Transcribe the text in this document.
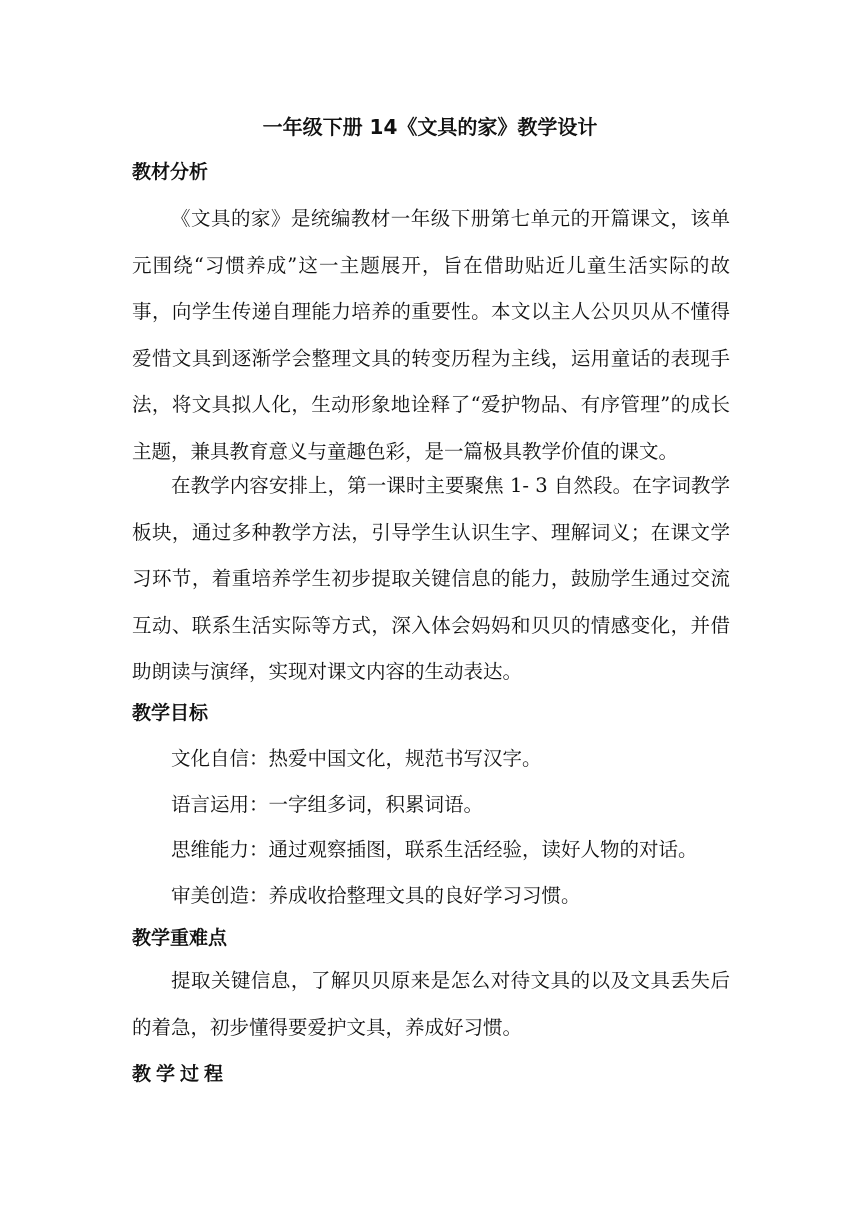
一年级下册 14《文具的家》教学设计
教材分析

《文具的家》是统编教材一年级下册第七单元的开篇课文，该单元围绕“习惯养成”这一主题展开，旨在借助贴近儿童生活实际的故事，向学生传递自理能力培养的重要性。本文以主人公贝贝从不懂得爱惜文具到逐渐学会整理文具的转变历程为主线，运用童话的表现手法，将文具拟人化，生动形象地诠释了“爱护物品、有序管理”的成长主题，兼具教育意义与童趣色彩，是一篇极具教学价值的课文。

在教学内容安排上，第一课时主要聚焦 1- 3 自然段。在字词教学板块，通过多种教学方法，引导学生认识生字、理解词义；在课文学习环节，着重培养学生初步提取关键信息的能力，鼓励学生通过交流互动、联系生活实际等方式，深入体会妈妈和贝贝的情感变化，并借助朗读与演绎，实现对课文内容的生动表达。

教学目标
文化自信：热爱中国文化，规范书写汉字。
语言运用：一字组多词，积累词语。
思维能力：通过观察插图，联系生活经验，读好人物的对话。
审美创造：养成收拾整理文具的良好学习习惯。
教学重难点

提取关键信息，了解贝贝原来是怎么对待文具的以及文具丢失后的着急，初步懂得要爱护文具，养成好习惯。

教学过程
